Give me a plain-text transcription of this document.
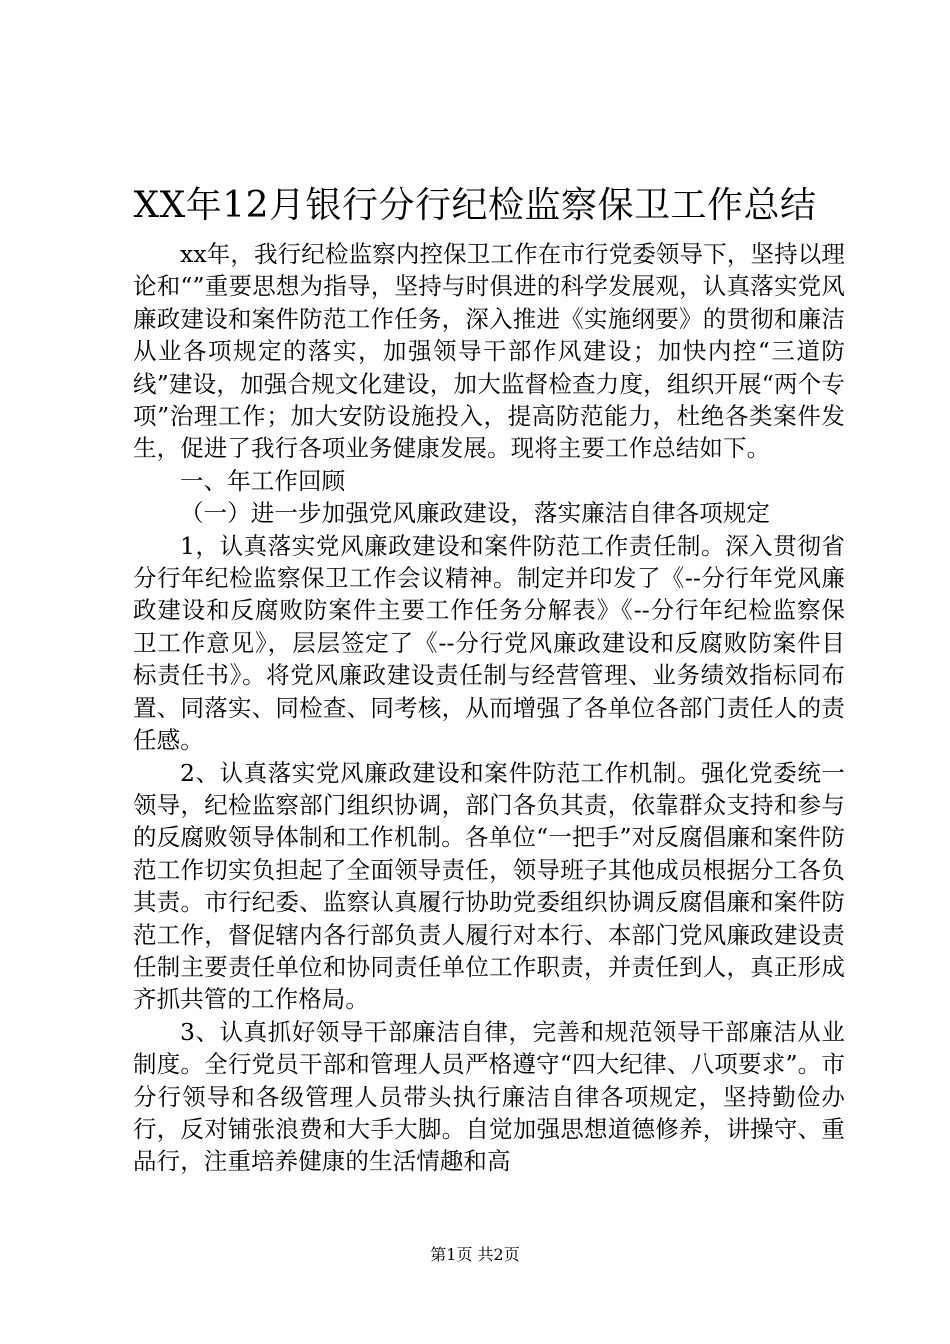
XX年12月银行分行纪检监察保卫工作总结

xx年，我行纪检监察内控保卫工作在市行党委领导下，坚持以理论和“”重要思想为指导，坚持与时俱进的科学发展观，认真落实党风廉政建设和案件防范工作任务，深入推进《实施纲要》的贯彻和廉洁从业各项规定的落实，加强领导干部作风建设；加快内控“三道防线”建设，加强合规文化建设，加大监督检查力度，组织开展“两个专项”治理工作；加大安防设施投入，提高防范能力，杜绝各类案件发生，促进了我行各项业务健康发展。现将主要工作总结如下。

一、年工作回顾

（一）进一步加强党风廉政建设，落实廉洁自律各项规定

1，认真落实党风廉政建设和案件防范工作责任制。深入贯彻省分行年纪检监察保卫工作会议精神。制定并印发了《--分行年党风廉政建设和反腐败防案件主要工作任务分解表》《--分行年纪检监察保卫工作意见》，层层签定了《--分行党风廉政建设和反腐败防案件目标责任书》。将党风廉政建设责任制与经营管理、业务绩效指标同布置、同落实、同检查、同考核，从而增强了各单位各部门责任人的责任感。

2、认真落实党风廉政建设和案件防范工作机制。强化党委统一领导，纪检监察部门组织协调，部门各负其责，依靠群众支持和参与的反腐败领导体制和工作机制。各单位“一把手”对反腐倡廉和案件防范工作切实负担起了全面领导责任，领导班子其他成员根据分工各负其责。市行纪委、监察认真履行协助党委组织协调反腐倡廉和案件防范工作，督促辖内各行部负责人履行对本行、本部门党风廉政建设责任制主要责任单位和协同责任单位工作职责，并责任到人，真正形成齐抓共管的工作格局。

3、认真抓好领导干部廉洁自律，完善和规范领导干部廉洁从业制度。全行党员干部和管理人员严格遵守“四大纪律、八项要求”。市分行领导和各级管理人员带头执行廉洁自律各项规定，坚持勤俭办行，反对铺张浪费和大手大脚。自觉加强思想道德修养，讲操守、重品行，注重培养健康的生活情趣和高

第1页 共2页
